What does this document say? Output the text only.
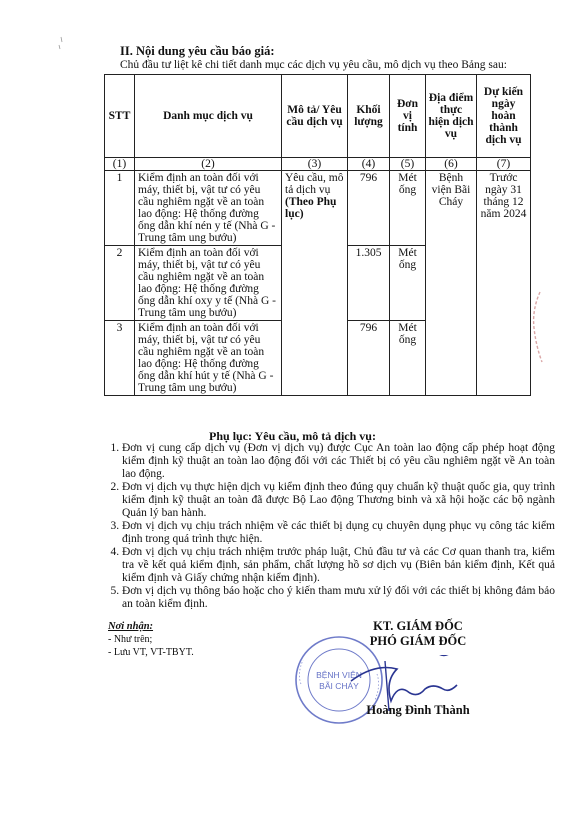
II. Nội dung yêu cầu báo giá:
Chủ đầu tư liệt kê chi tiết danh mục các dịch vụ yêu cầu, mô dịch vụ theo Bảng sau:
STT	Danh mục dịch vụ	Mô tả/ Yêu cầu dịch vụ	Khối lượng	Đơn vị tính	Địa điểm thực hiện dịch vụ	Dự kiến ngày hoàn thành dịch vụ
(1)	(2)	(3)	(4)	(5)	(6)	(7)
1	Kiểm định an toàn đối với máy, thiết bị, vật tư có yêu cầu nghiêm ngặt về an toàn lao động: Hệ thống đường ống dẫn khí nén y tế (Nhà G - Trung tâm ung bướu)	Yêu cầu, mô tả dịch vụ (Theo Phụ lục)	796	Mét ống	Bệnh viện Bãi Cháy	Trước ngày 31 tháng 12 năm 2024
2	Kiểm định an toàn đối với máy, thiết bị, vật tư có yêu cầu nghiêm ngặt về an toàn lao động: Hệ thống đường ống dẫn khí oxy y tế (Nhà G - Trung tâm ung bướu)		1.305	Mét ống		
3	Kiểm định an toàn đối với máy, thiết bị, vật tư có yêu cầu nghiêm ngặt về an toàn lao động: Hệ thống đường ống dẫn khí hút y tế (Nhà G - Trung tâm ung bướu)		796	Mét ống		
Phụ lục: Yêu cầu, mô tả dịch vụ:
1. Đơn vị cung cấp dịch vụ (Đơn vị dịch vụ) được Cục An toàn lao động cấp phép hoạt động kiểm định kỹ thuật an toàn lao động đối với các Thiết bị có yêu cầu nghiêm ngặt về An toàn lao động.
2. Đơn vị dịch vụ thực hiện dịch vụ kiểm định theo đúng quy chuẩn kỹ thuật quốc gia, quy trình kiểm định kỹ thuật an toàn đã được Bộ Lao động Thương binh và xã hội hoặc các bộ ngành Quản lý ban hành.
3. Đơn vị dịch vụ chịu trách nhiệm về các thiết bị dụng cụ chuyên dụng phục vụ công tác kiểm định trong quá trình thực hiện.
4. Đơn vị dịch vụ chịu trách nhiệm trước pháp luật, Chủ đầu tư và các Cơ quan thanh tra, kiểm tra về kết quả kiểm định, sản phẩm, chất lượng hồ sơ dịch vụ (Biên bản kiểm định, Kết quả kiểm định và Giấy chứng nhận kiểm định).
5. Đơn vị dịch vụ thông báo hoặc cho ý kiến tham mưu xử lý đối với các thiết bị không đảm bảo an toàn kiểm định.
Nơi nhận:
- Như trên;
- Lưu VT, VT-TBYT.
KT. GIÁM ĐỐC
PHÓ GIÁM ĐỐC
BỆNH VIỆN
BÃI CHÁY
Hoàng Đình Thành
